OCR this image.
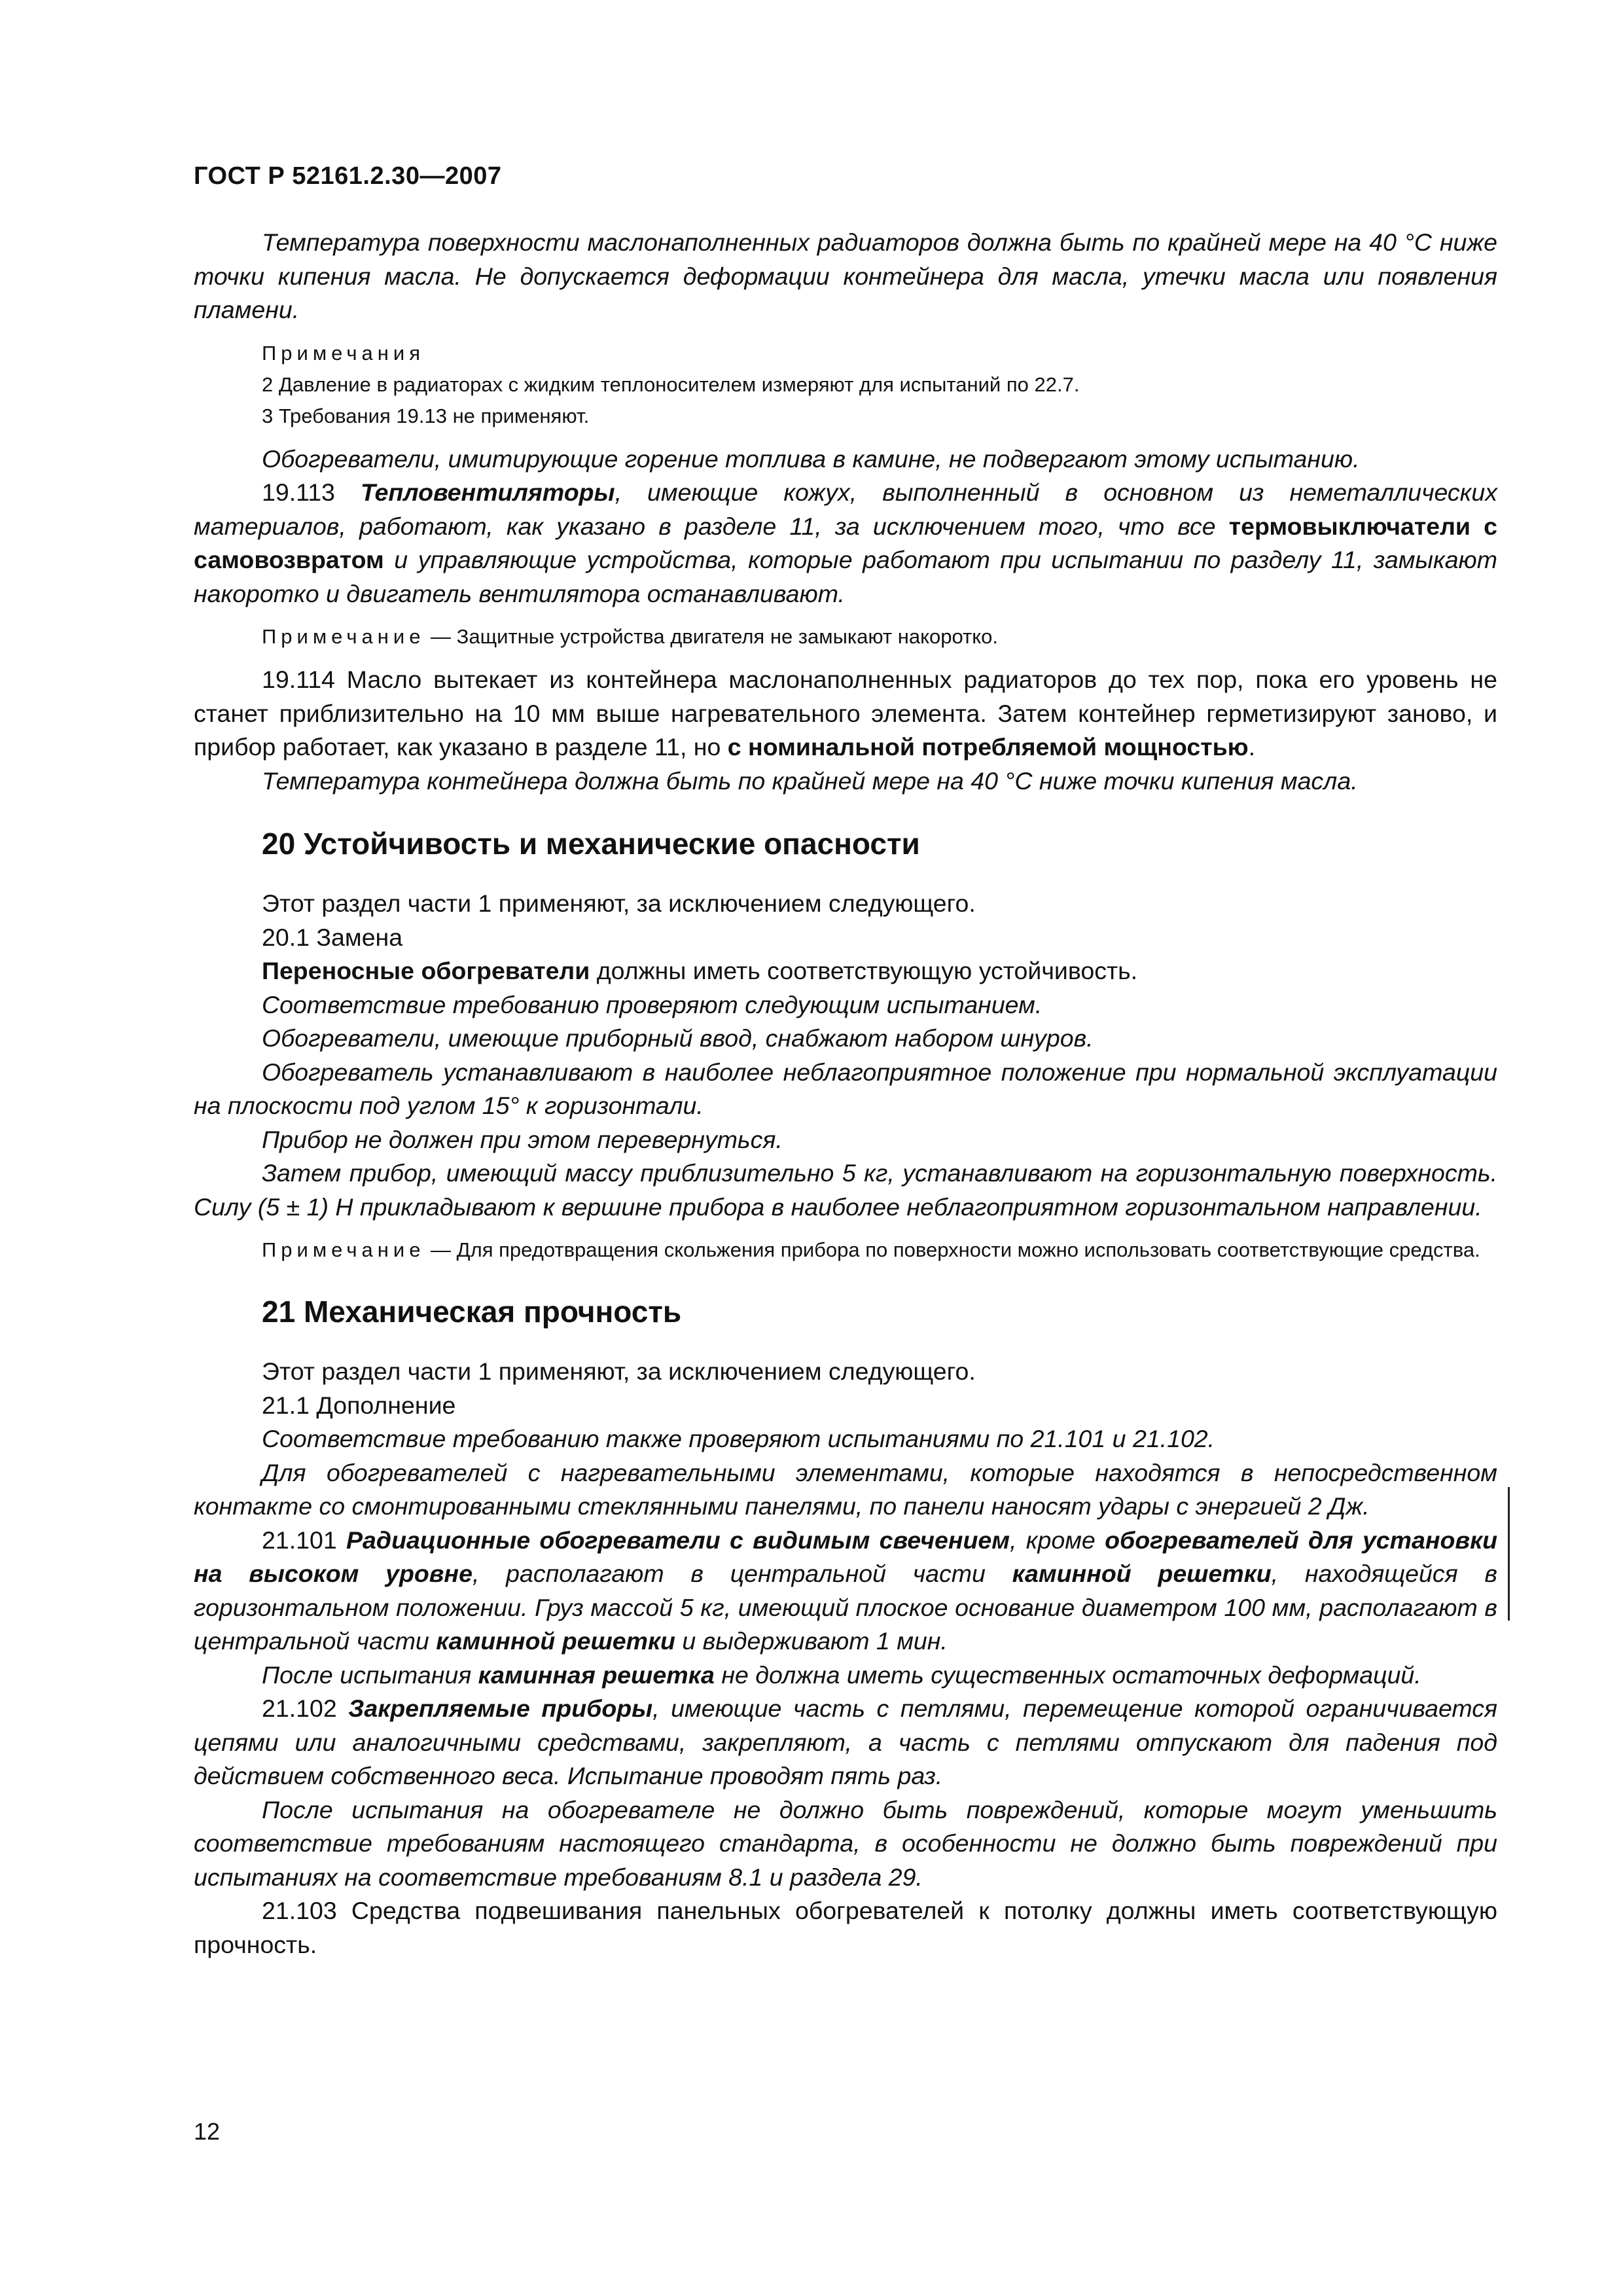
ГОСТ Р 52161.2.30—2007

Температура поверхности маслонаполненных радиаторов должна быть по крайней мере на 40 °С ниже точки кипения масла. Не допускается деформации контейнера для масла, утечки масла или появления пламени.

Примечания

2 Давление в радиаторах с жидким теплоносителем измеряют для испытаний по 22.7.

3 Требования 19.13 не применяют.

Обогреватели, имитирующие горение топлива в камине, не подвергают этому испытанию.

19.113 Тепловентиляторы, имеющие кожух, выполненный в основном из неметаллических материалов, работают, как указано в разделе 11, за исключением того, что все термовыключатели с самовозвратом и управляющие устройства, которые работают при испытании по разделу 11, замыкают накоротко и двигатель вентилятора останавливают.

Примечание — Защитные устройства двигателя не замыкают накоротко.

19.114 Масло вытекает из контейнера маслонаполненных радиаторов до тех пор, пока его уровень не станет приблизительно на 10 мм выше нагревательного элемента. Затем контейнер герметизируют заново, и прибор работает, как указано в разделе 11, но с номинальной потребляемой мощностью.

Температура контейнера должна быть по крайней мере на 40 °С ниже точки кипения масла.

20 Устойчивость и механические опасности

Этот раздел части 1 применяют, за исключением следующего.

20.1 Замена

Переносные обогреватели должны иметь соответствующую устойчивость.

Соответствие требованию проверяют следующим испытанием.

Обогреватели, имеющие приборный ввод, снабжают набором шнуров.

Обогреватель устанавливают в наиболее неблагоприятное положение при нормальной эксплуатации на плоскости под углом 15° к горизонтали.

Прибор не должен при этом перевернуться.

Затем прибор, имеющий массу приблизительно 5 кг, устанавливают на горизонтальную поверхность. Силу (5 ± 1) Н прикладывают к вершине прибора в наиболее неблагоприятном горизонтальном направлении.

Примечание — Для предотвращения скольжения прибора по поверхности можно использовать соответствующие средства.

21 Механическая прочность

Этот раздел части 1 применяют, за исключением следующего.

21.1 Дополнение

Соответствие требованию также проверяют испытаниями по 21.101 и 21.102.

Для обогревателей с нагревательными элементами, которые находятся в непосредственном контакте со смонтированными стеклянными панелями, по панели наносят удары с энергией 2 Дж.

21.101 Радиационные обогреватели с видимым свечением, кроме обогревателей для установки на высоком уровне, располагают в центральной части каминной решетки, находящейся в горизонтальном положении. Груз массой 5 кг, имеющий плоское основание диаметром 100 мм, располагают в центральной части каминной решетки и выдерживают 1 мин.

После испытания каминная решетка не должна иметь существенных остаточных деформаций.

21.102 Закрепляемые приборы, имеющие часть с петлями, перемещение которой ограничивается цепями или аналогичными средствами, закрепляют, а часть с петлями отпускают для падения под действием собственного веса. Испытание проводят пять раз.

После испытания на обогревателе не должно быть повреждений, которые могут уменьшить соответствие требованиям настоящего стандарта, в особенности не должно быть повреждений при испытаниях на соответствие требованиям 8.1 и раздела 29.

21.103 Средства подвешивания панельных обогревателей к потолку должны иметь соответствующую прочность.

12
